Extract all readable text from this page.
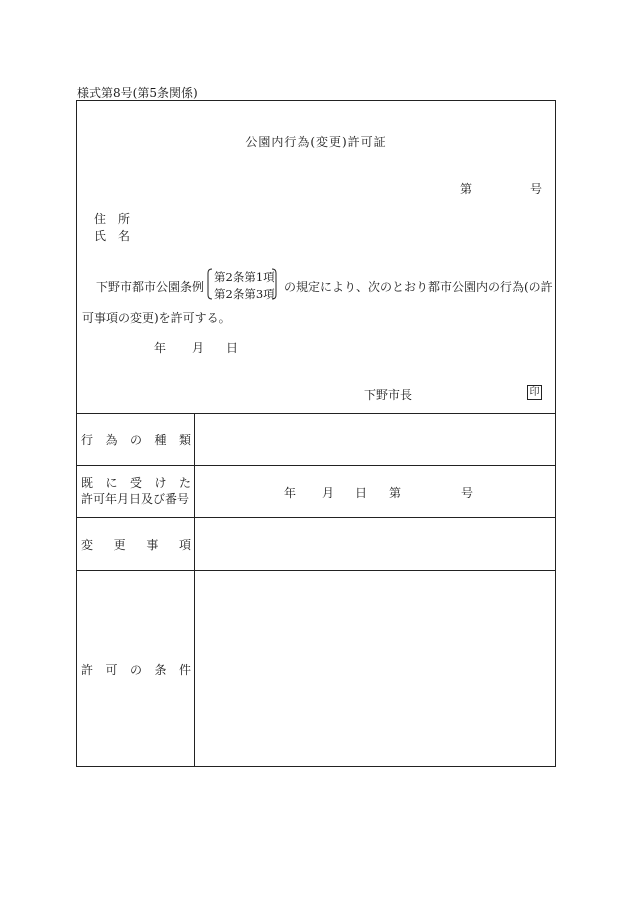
様式第8号(第5条関係)
公園内行為(変更)許可証
第	号
住　所
氏　名
下野市都市公園条例
第2条第1項
第2条第3項 の規定により、次のとおり都市公園内の行為(の許
可事項の変更)を許可する。
年 月 日
下野市長	印
行 為 の 種 類
既 に 受 け た
許可年月日及び番号	年 月 日 第	号
変 更 事 項
許 可 の 条 件
